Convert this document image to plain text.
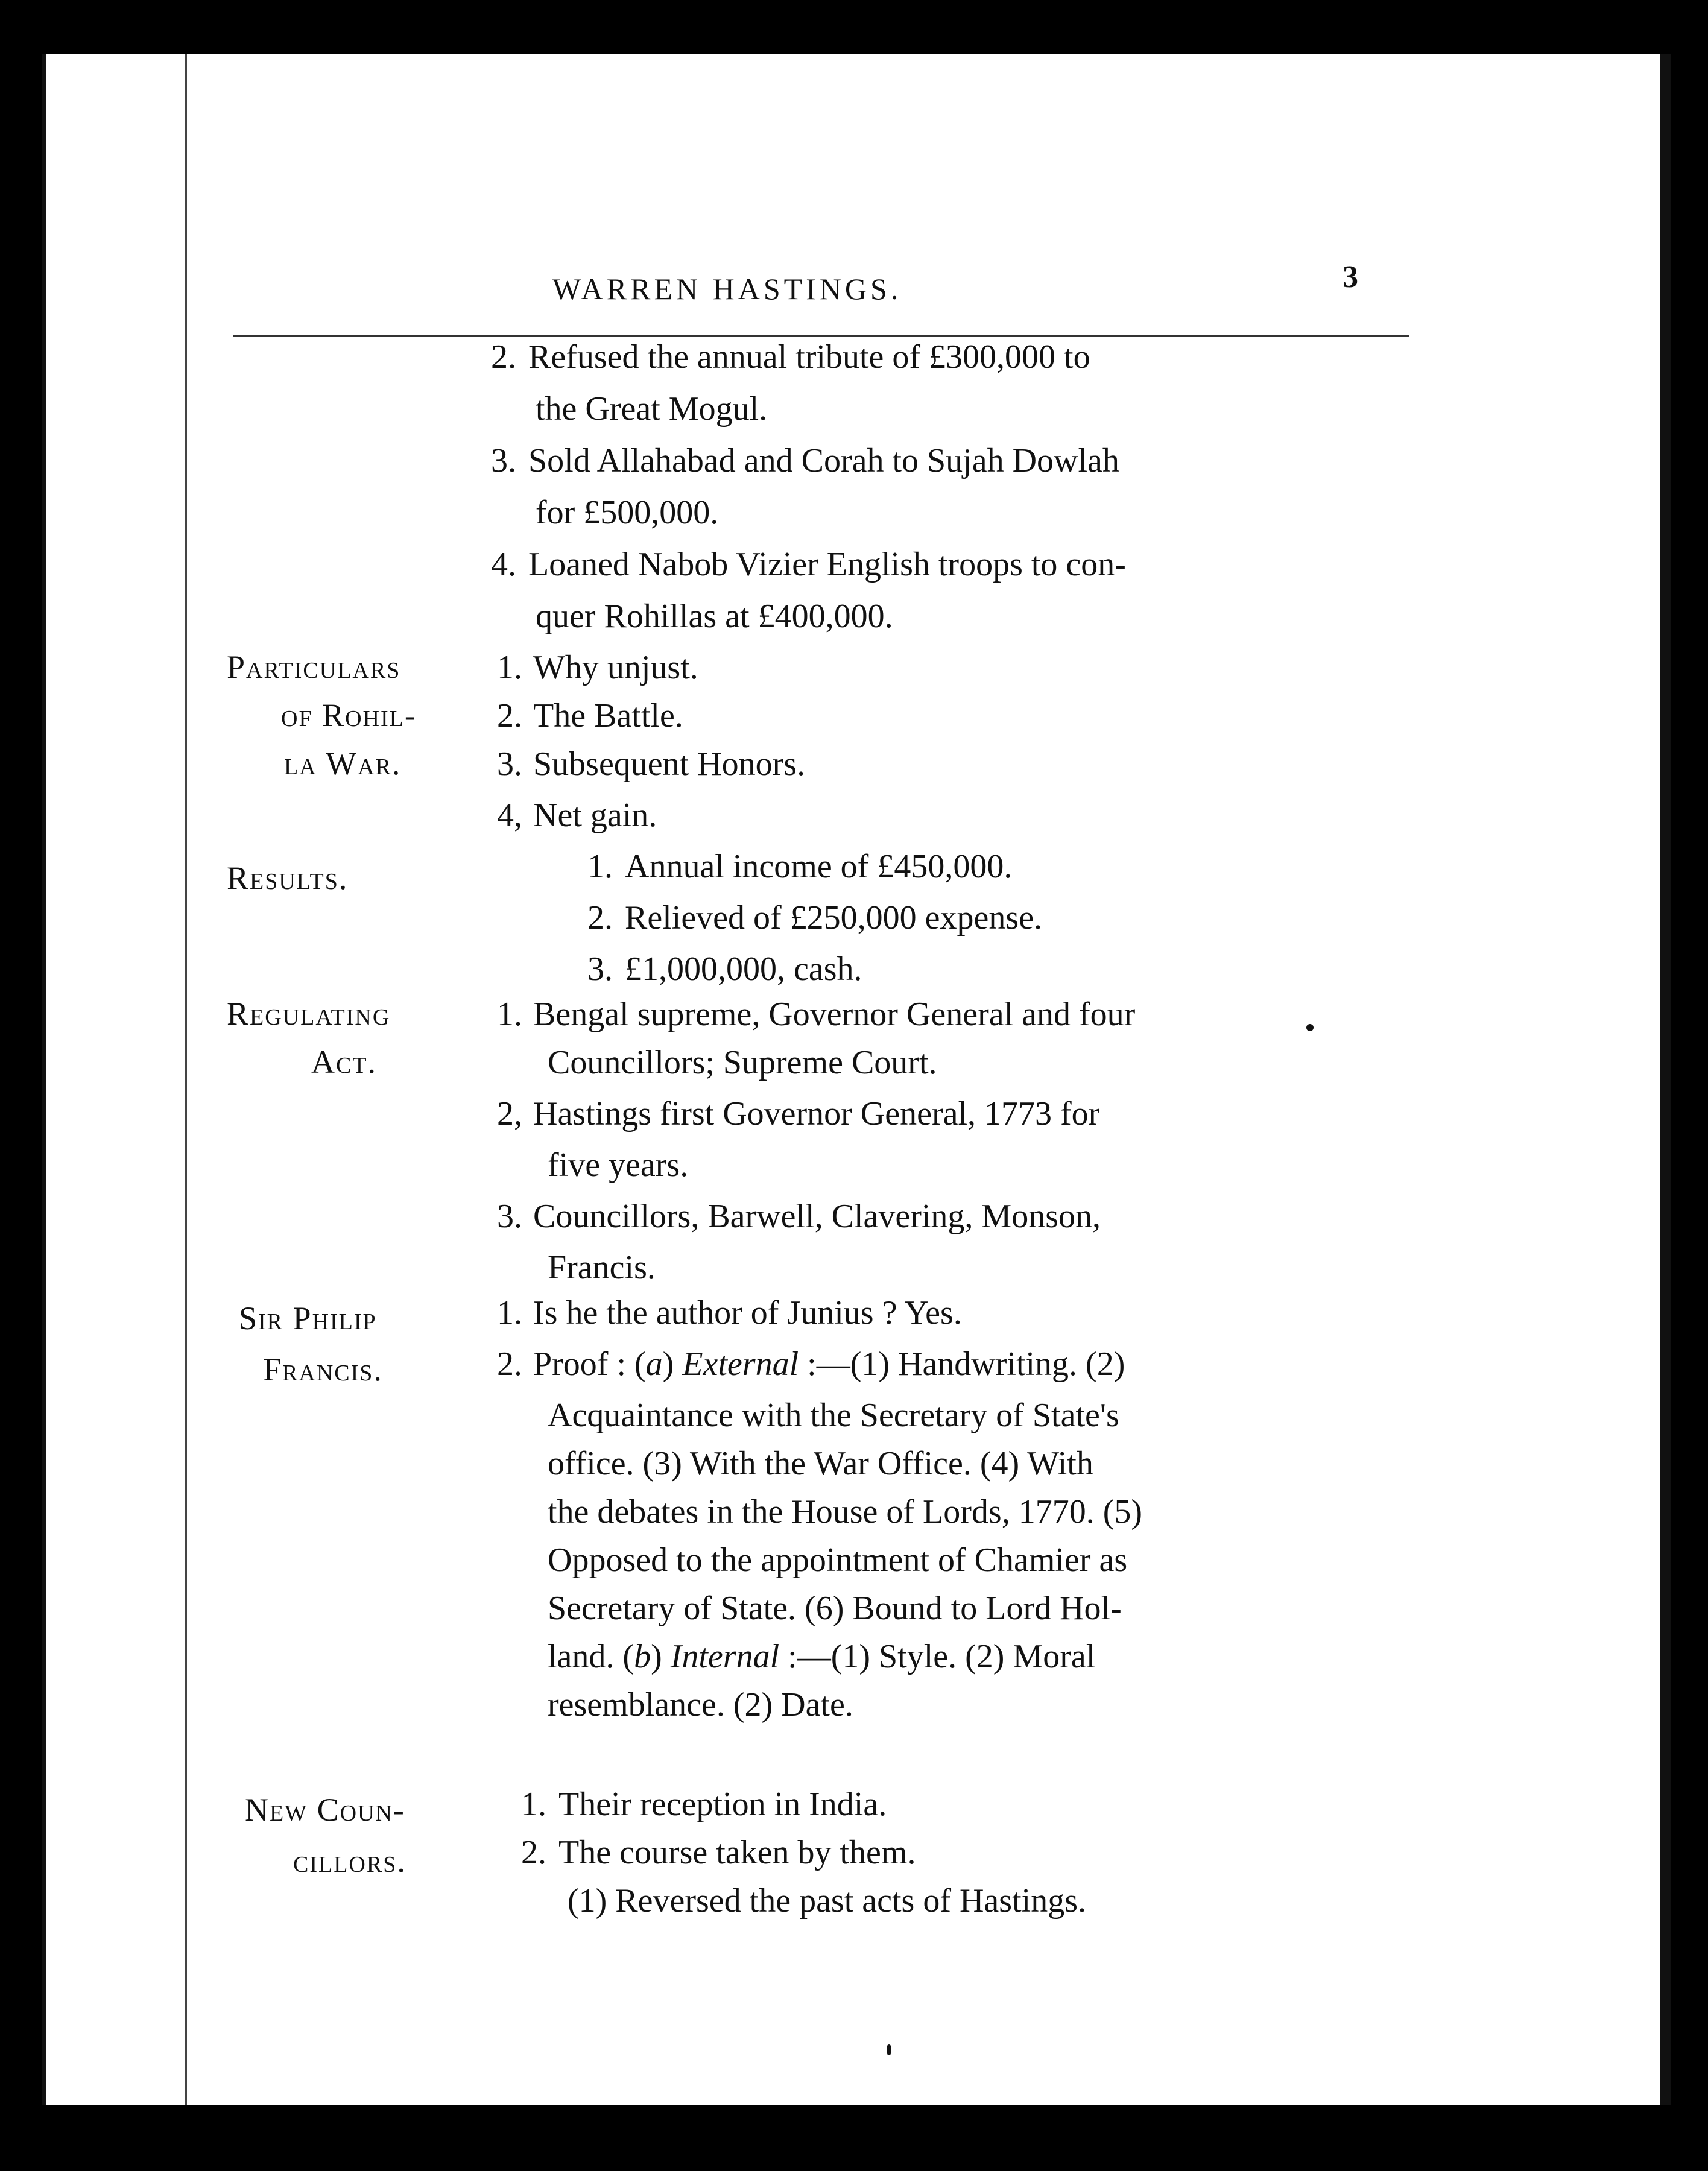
WARREN HASTINGS.	3
2. Refused the annual tribute of £300,000 to
the Great Mogul.
3. Sold Allahabad and Corah to Sujah Dowlah
for £500,000.
4. Loaned Nabob Vizier English troops to con-
quer Rohillas at £400,000.
Particulars
of Rohil-
la War.
1. Why unjust.
2. The Battle.
3. Subsequent Honors.
4, Net gain.
Results.	1. Annual income of £450,000.
2. Relieved of £250,000 expense.
3. £1,000,000, cash.
Regulating
Act.
1. Bengal supreme, Governor General and four
Councillors; Supreme Court.
2, Hastings first Governor General, 1773 for
five years.
3. Councillors, Barwell, Clavering, Monson,
Francis.
Sir Philip
Francis.
1. Is he the author of Junius ? Yes.
2. Proof : (a) External :—(1) Handwriting. (2)
Acquaintance with the Secretary of State's
office. (3) With the War Office. (4) With
the debates in the House of Lords, 1770. (5)
Opposed to the appointment of Chamier as
Secretary of State. (6) Bound to Lord Hol-
land. (b) Internal :—(1) Style. (2) Moral
resemblance. (2) Date.
New Coun-
cillors.
1. Their reception in India.
2. The course taken by them.
(1) Reversed the past acts of Hastings.
